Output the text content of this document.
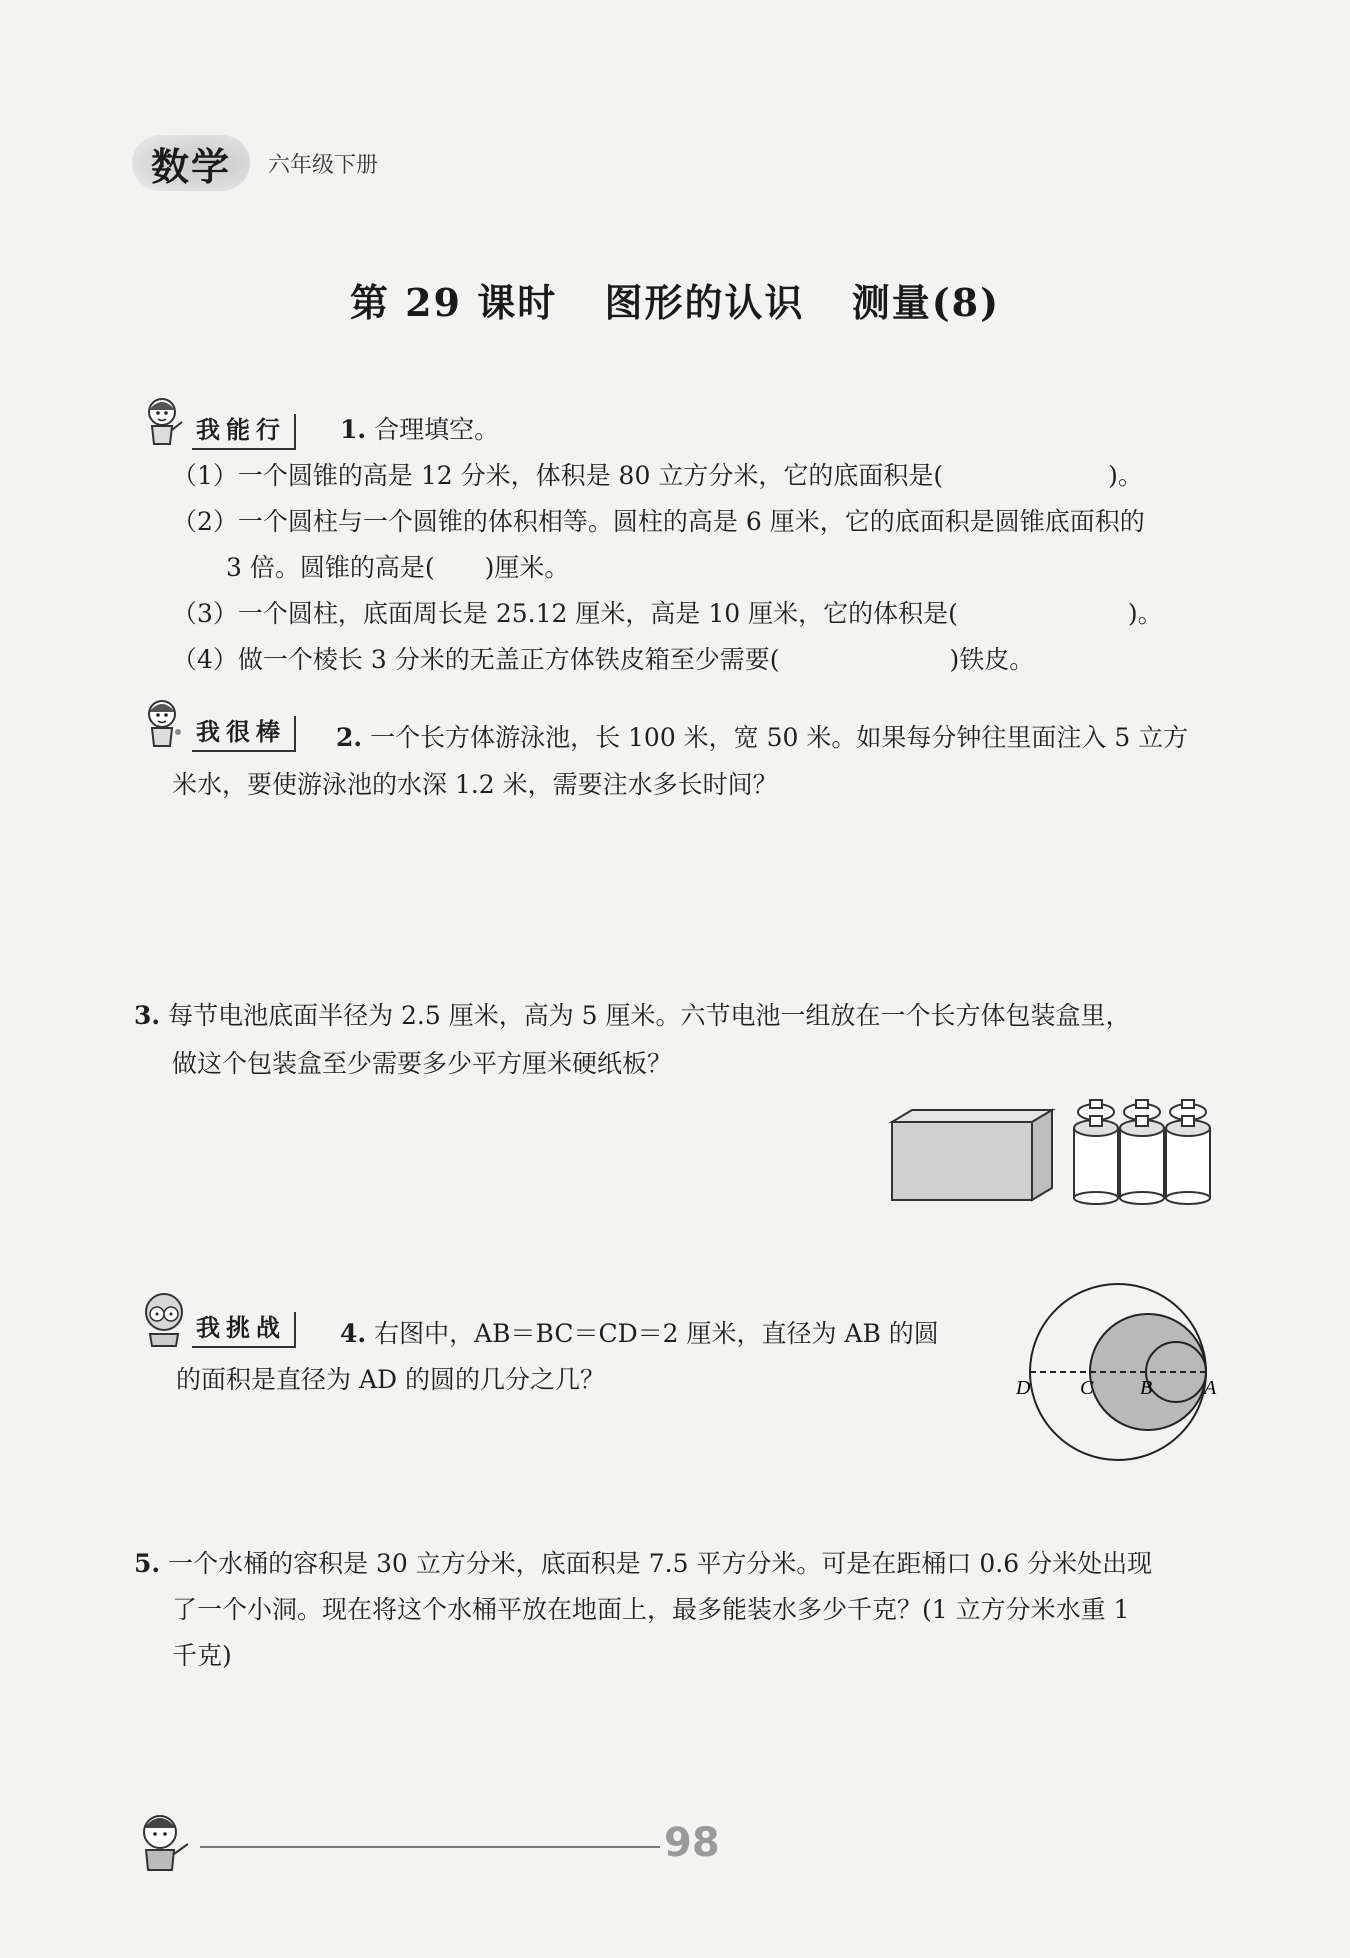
数学	六年级下册
第 29 课时 图形的认识 测量(8)
我能行	1. 合理填空。
（1）一个圆锥的高是 12 分米，体积是 80 立方分米，它的底面积是(	)。
（2）一个圆柱与一个圆锥的体积相等。圆柱的高是 6 厘米，它的底面积是圆锥底面积的
3 倍。圆锥的高是( )厘米。
（3）一个圆柱，底面周长是 25.12 厘米，高是 10 厘米，它的体积是(	)。
（4）做一个棱长 3 分米的无盖正方体铁皮箱至少需要(	)铁皮。
我很棒	2. 一个长方体游泳池，长 100 米，宽 50 米。如果每分钟往里面注入 5 立方
米水，要使游泳池的水深 1.2 米，需要注水多长时间？
3. 每节电池底面半径为 2.5 厘米，高为 5 厘米。六节电池一组放在一个长方体包装盒里，
做这个包装盒至少需要多少平方厘米硬纸板？
我挑战	4. 右图中，AB＝BC＝CD＝2 厘米，直径为 AB 的圆
的面积是直径为 AD 的圆的几分之几？	D C B	A
5. 一个水桶的容积是 30 立方分米，底面积是 7.5 平方分米。可是在距桶口 0.6 分米处出现
了一个小洞。现在将这个水桶平放在地面上，最多能装水多少千克？(1 立方分米水重 1
千克)
98
